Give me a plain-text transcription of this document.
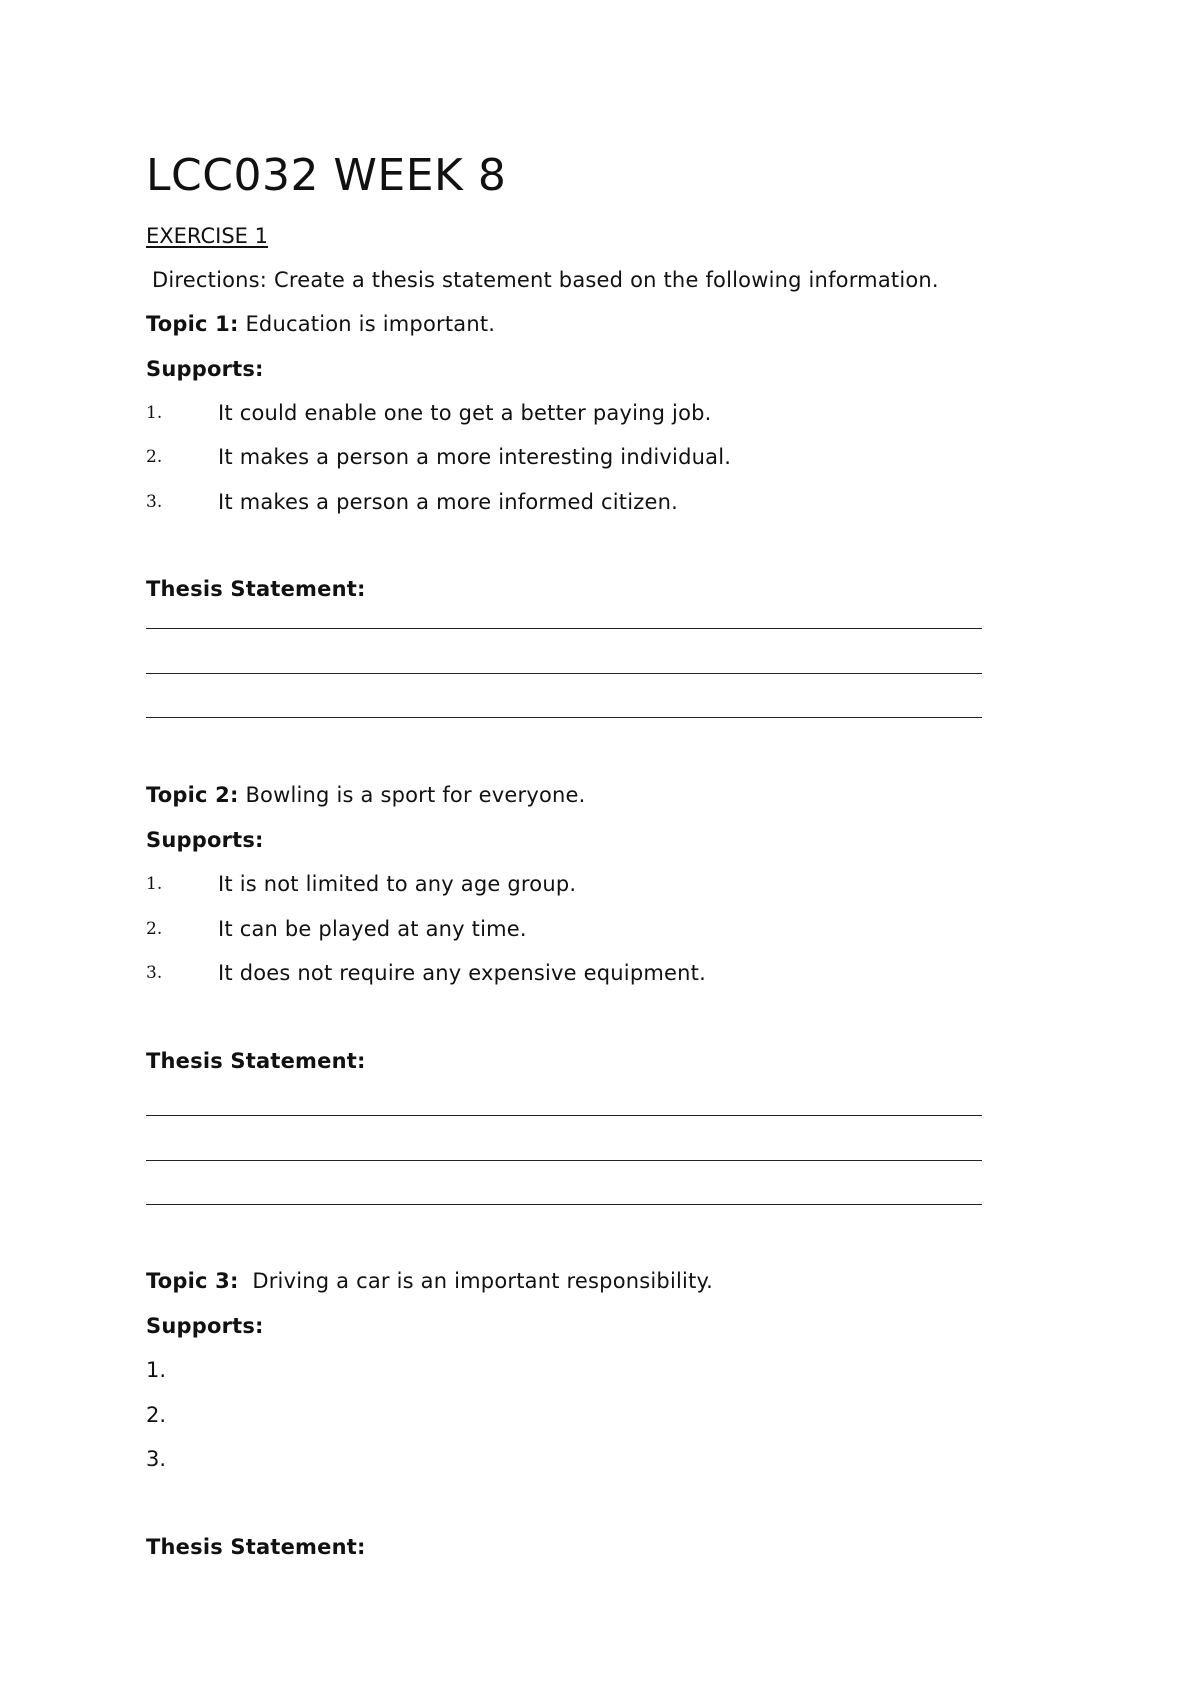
LCC032 WEEK 8
EXERCISE 1
Directions: Create a thesis statement based on the following information.
Topic 1: Education is important.
Supports:
1.	It could enable one to get a better paying job.
2.	It makes a person a more interesting individual.
3.	It makes a person a more informed citizen.
Thesis Statement:
Topic 2: Bowling is a sport for everyone.
Supports:
1.	It is not limited to any age group.
2.	It can be played at any time.
3.	It does not require any expensive equipment.
Thesis Statement:
Topic 3:  Driving a car is an important responsibility.
Supports:
1.
2.
3.
Thesis Statement:
